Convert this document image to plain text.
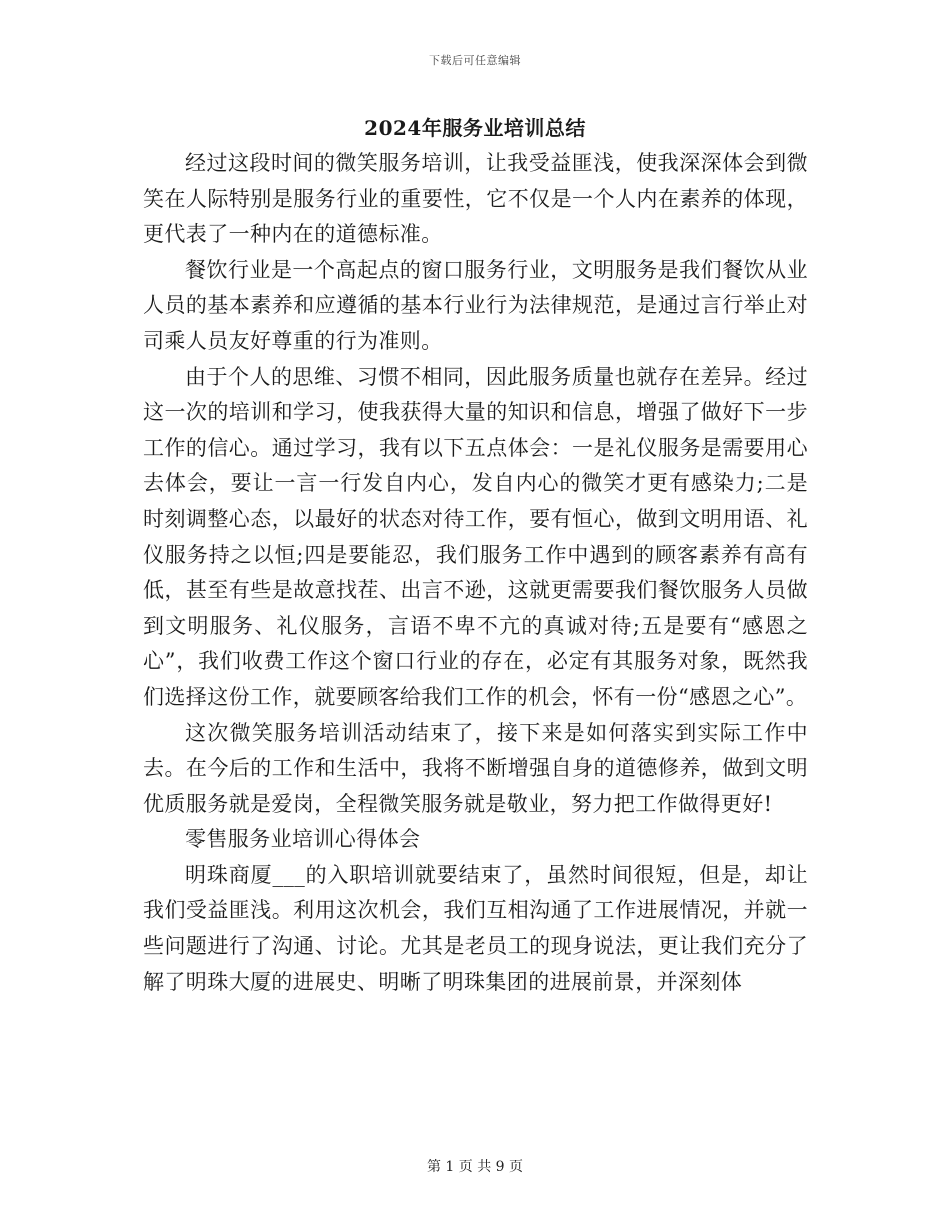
下载后可任意编辑
2024年服务业培训总结

经过这段时间的微笑服务培训，让我受益匪浅，使我深深体会到微笑在人际特别是服务行业的重要性，它不仅是一个人内在素养的体现，更代表了一种内在的道德标准。

餐饮行业是一个高起点的窗口服务行业，文明服务是我们餐饮从业人员的基本素养和应遵循的基本行业行为法律规范，是通过言行举止对司乘人员友好尊重的行为准则。

由于个人的思维、习惯不相同，因此服务质量也就存在差异。经过这一次的培训和学习，使我获得大量的知识和信息，增强了做好下一步工作的信心。通过学习，我有以下五点体会：一是礼仪服务是需要用心去体会，要让一言一行发自内心，发自内心的微笑才更有感染力;二是时刻调整心态，以最好的状态对待工作，要有恒心，做到文明用语、礼仪服务持之以恒;四是要能忍，我们服务工作中遇到的顾客素养有高有低，甚至有些是故意找茬、出言不逊，这就更需要我们餐饮服务人员做到文明服务、礼仪服务，言语不卑不亢的真诚对待;五是要有“感恩之心”，我们收费工作这个窗口行业的存在，必定有其服务对象，既然我们选择这份工作，就要顾客给我们工作的机会，怀有一份“感恩之心”。

这次微笑服务培训活动结束了，接下来是如何落实到实际工作中去。在今后的工作和生活中，我将不断增强自身的道德修养，做到文明优质服务就是爱岗，全程微笑服务就是敬业，努力把工作做得更好!

零售服务业培训心得体会

明珠商厦___的入职培训就要结束了，虽然时间很短，但是，却让我们受益匪浅。利用这次机会，我们互相沟通了工作进展情况，并就一些问题进行了沟通、讨论。尤其是老员工的现身说法，更让我们充分了解了明珠大厦的进展史、明晰了明珠集团的进展前景，并深刻体

第 1 页 共 9 页
